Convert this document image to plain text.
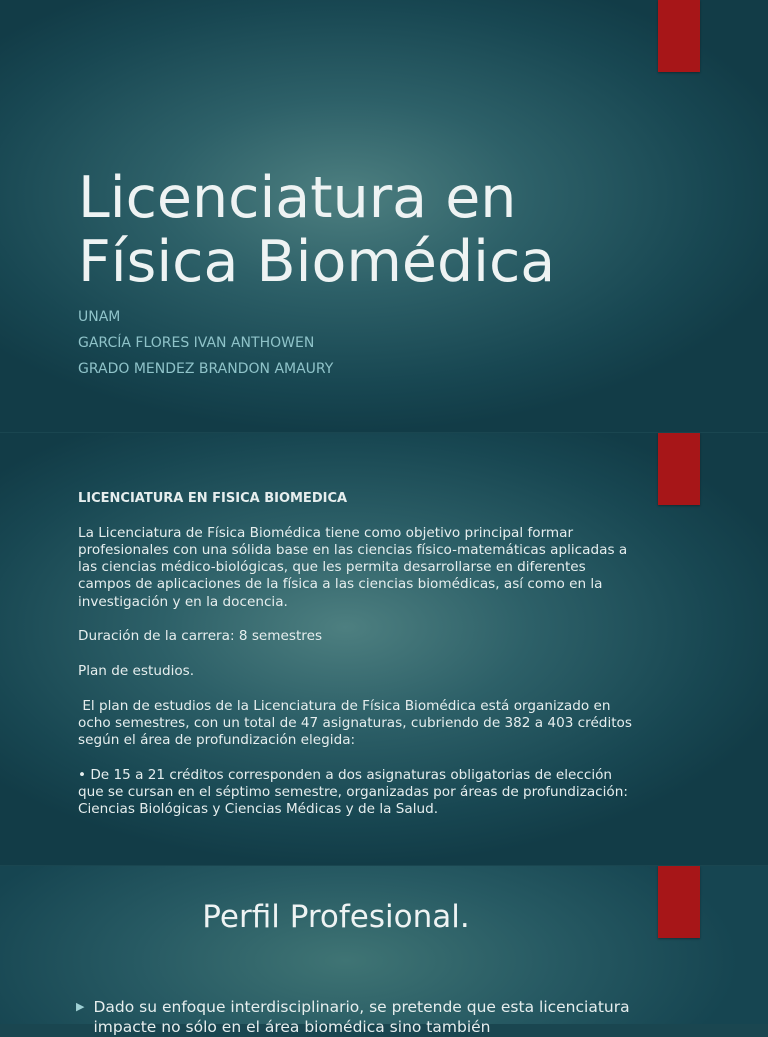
Licenciatura en
Física Biomédica
UNAM
GARCÍA FLORES IVAN ANTHOWEN
GRADO MENDEZ BRANDON AMAURY

LICENCIATURA EN FISICA BIOMEDICA

La Licenciatura de Física Biomédica tiene como objetivo principal formar profesionales con una sólida base en las ciencias físico-matemáticas aplicadas a las ciencias médico-biológicas, que les permita desarrollarse en diferentes campos de aplicaciones de la física a las ciencias biomédicas, así como en la investigación y en la docencia.

Duración de la carrera: 8 semestres

Plan de estudios.

El plan de estudios de la Licenciatura de Física Biomédica está organizado en ocho semestres, con un total de 47 asignaturas, cubriendo de 382 a 403 créditos según el área de profundización elegida:

• De 15 a 21 créditos corresponden a dos asignaturas obligatorias de elección que se cursan en el séptimo semestre, organizadas por áreas de profundización: Ciencias Biológicas y Ciencias Médicas y de la Salud.

Perfil Profesional.
▶ Dado su enfoque interdisciplinario, se pretende que esta licenciatura impacte no sólo en el área biomédica sino también
